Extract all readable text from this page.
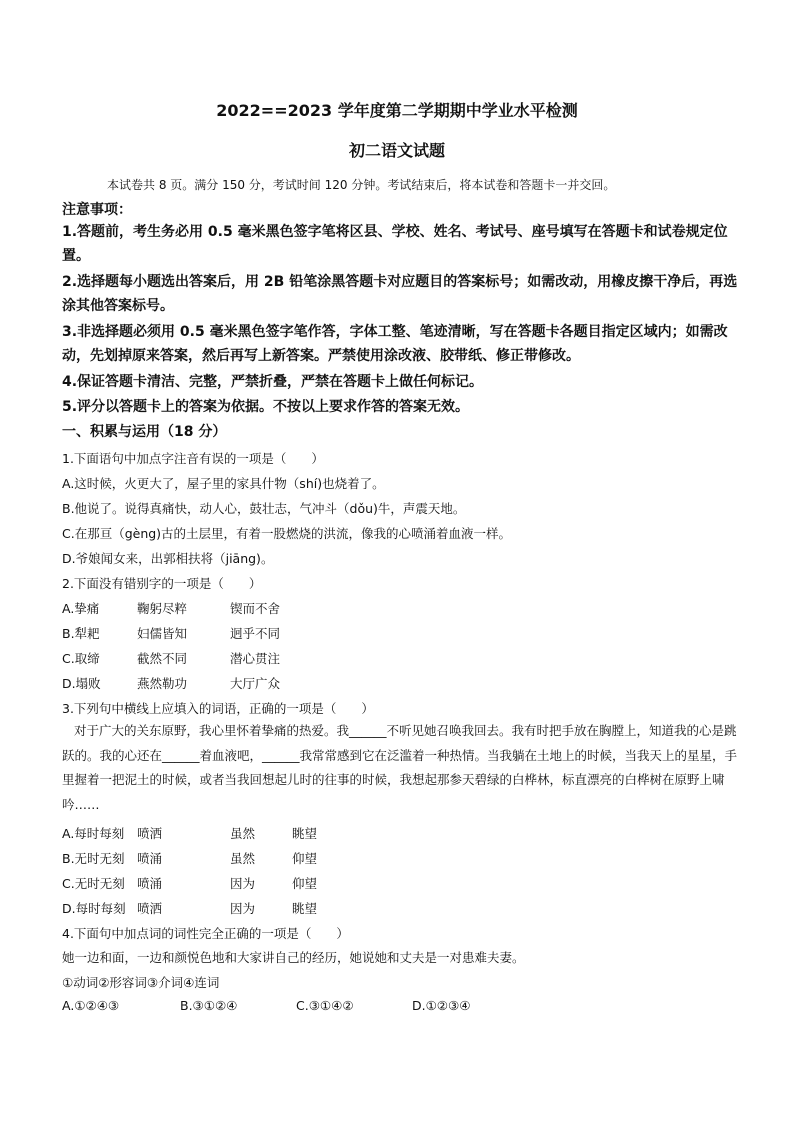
2022==2023 学年度第二学期期中学业水平检测
初二语文试题
本试卷共 8 页。满分 150 分，考试时间 120 分钟。考试结束后，将本试卷和答题卡一并交回。
注意事项：
1.答题前，考生务必用 0.5 毫米黑色签字笔将区县、学校、姓名、考试号、座号填写在答题卡和试卷规定位置。
2.选择题每小题选出答案后，用 2B 铅笔涂黑答题卡对应题目的答案标号；如需改动，用橡皮擦干净后，再选涂其他答案标号。
3.非选择题必须用 0.5 毫米黑色签字笔作答，字体工整、笔迹清晰，写在答题卡各题目指定区域内；如需改动，先划掉原来答案，然后再写上新答案。严禁使用涂改液、胶带纸、修正带修改。
4.保证答题卡清洁、完整，严禁折叠，严禁在答题卡上做任何标记。
5.评分以答题卡上的答案为依据。不按以上要求作答的答案无效。
一、积累与运用（18 分）
1.下面语句中加点字注音有误的一项是（　　）
A.这时候，火更大了，屋子里的家具什物（shí)也烧着了。
B.他说了。说得真痛快，动人心，鼓壮志，气冲斗（dǒu)牛，声震天地。
C.在那亘（gèng)古的土层里，有着一股燃烧的洪流，像我的心喷涌着血液一样。
D.爷娘闻女来，出郭相扶将（jiāng)。
2.下面没有错别字的一项是（　　）
A.挚痛	鞠躬尽粹	锲而不舍
B.犁耙	妇儒皆知	迥乎不同
C.取缔	截然不同	潜心贯注
D.塌败	燕然勒功	大厅广众
3.下列句中横线上应填入的词语，正确的一项是（　　）
对于广大的关东原野，我心里怀着挚痛的热爱。我______不听见她召唤我回去。我有时把手放在胸膛上，知道我的心是跳跃的。我的心还在______着血液吧，______我常常感到它在泛滥着一种热情。当我躺在土地上的时候，当我天上的星星，手里握着一把泥土的时候，或者当我回想起儿时的往事的时候，我想起那参天碧绿的白桦林，标直漂亮的白桦树在原野上啸吟……
A.每时每刻 喷洒	虽然	眺望
B.无时无刻 喷涌	虽然	仰望
C.无时无刻 喷涌	因为	仰望
D.每时每刻 喷洒	因为	眺望
4.下面句中加点词的词性完全正确的一项是（　　）
她一边和面，一边和颜悦色地和大家讲自己的经历，她说她和丈夫是一对患难夫妻。
①动词②形容词③介词④连词
A.①②④③	B.③①②④	C.③①④②	D.①②③④
